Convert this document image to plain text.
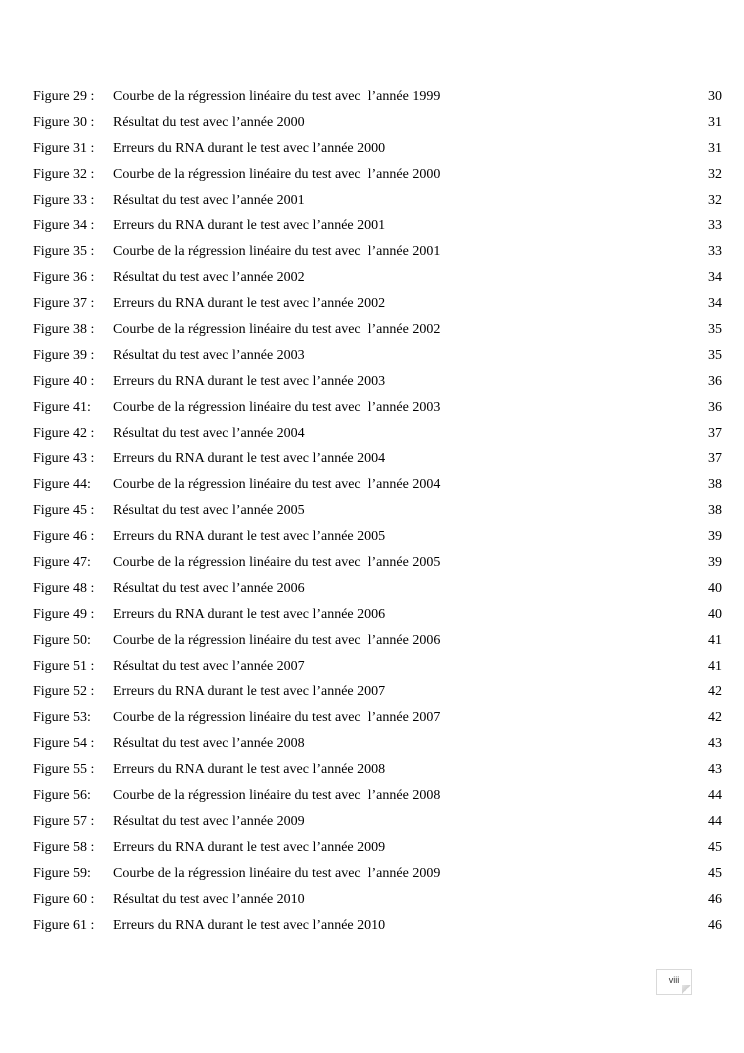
Figure 29 : Courbe de la régression linéaire du test avec  l’année 1999	30
Figure 30 : Résultat du test avec l’année 2000	31
Figure 31 : Erreurs du RNA durant le test avec l’année 2000	31
Figure 32 : Courbe de la régression linéaire du test avec  l’année 2000	32
Figure 33 : Résultat du test avec l’année 2001	32
Figure 34 : Erreurs du RNA durant le test avec l’année 2001	33
Figure 35 : Courbe de la régression linéaire du test avec  l’année 2001	33
Figure 36 : Résultat du test avec l’année 2002	34
Figure 37 : Erreurs du RNA durant le test avec l’année 2002	34
Figure 38 : Courbe de la régression linéaire du test avec  l’année 2002	35
Figure 39 : Résultat du test avec l’année 2003	35
Figure 40 : Erreurs du RNA durant le test avec l’année 2003	36
Figure 41: Courbe de la régression linéaire du test avec  l’année 2003	36
Figure 42 : Résultat du test avec l’année 2004	37
Figure 43 : Erreurs du RNA durant le test avec l’année 2004	37
Figure 44: Courbe de la régression linéaire du test avec  l’année 2004	38
Figure 45 : Résultat du test avec l’année 2005	38
Figure 46 : Erreurs du RNA durant le test avec l’année 2005	39
Figure 47: Courbe de la régression linéaire du test avec  l’année 2005	39
Figure 48 : Résultat du test avec l’année 2006	40
Figure 49 : Erreurs du RNA durant le test avec l’année 2006	40
Figure 50: Courbe de la régression linéaire du test avec  l’année 2006	41
Figure 51 : Résultat du test avec l’année 2007	41
Figure 52 : Erreurs du RNA durant le test avec l’année 2007	42
Figure 53: Courbe de la régression linéaire du test avec  l’année 2007	42
Figure 54 : Résultat du test avec l’année 2008	43
Figure 55 : Erreurs du RNA durant le test avec l’année 2008	43
Figure 56: Courbe de la régression linéaire du test avec  l’année 2008	44
Figure 57 : Résultat du test avec l’année 2009	44
Figure 58 : Erreurs du RNA durant le test avec l’année 2009	45
Figure 59: Courbe de la régression linéaire du test avec  l’année 2009	45
Figure 60 : Résultat du test avec l’année 2010	46
Figure 61 : Erreurs du RNA durant le test avec l’année 2010	46
viii
